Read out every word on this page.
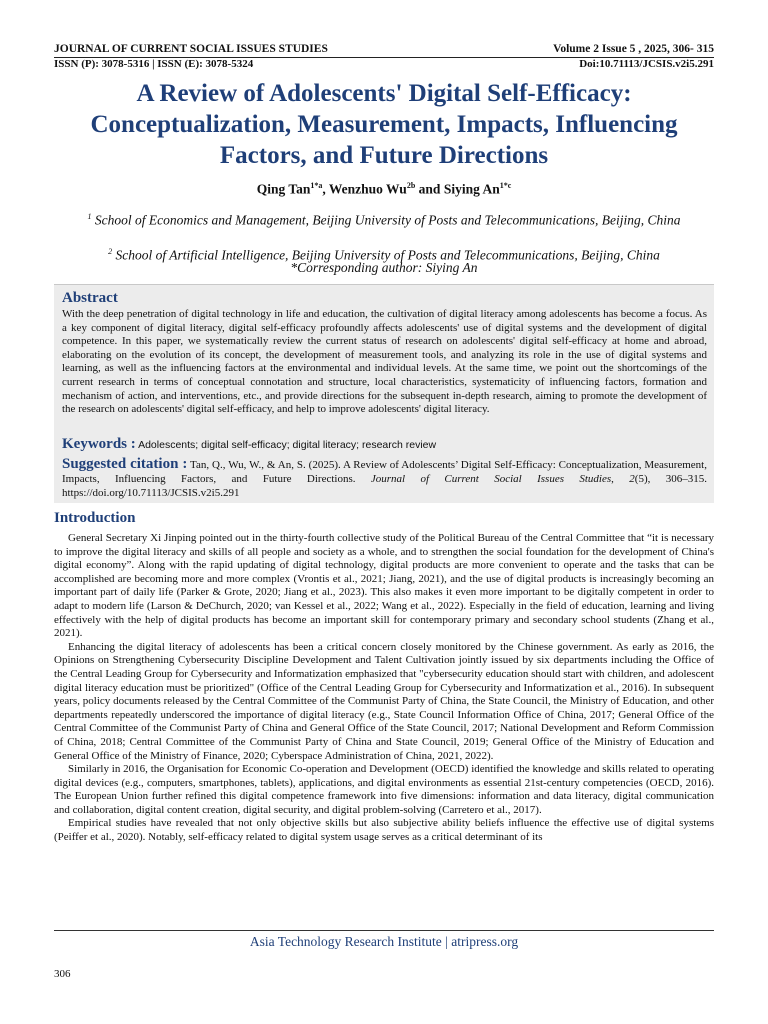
JOURNAL OF CURRENT SOCIAL ISSUES STUDIES	Volume 2 Issue 5 , 2025, 306- 315
ISSN (P): 3078-5316 | ISSN (E): 3078-5324	Doi:10.71113/JCSIS.v2i5.291
A Review of Adolescents' Digital Self-Efficacy: Conceptualization, Measurement, Impacts, Influencing Factors, and Future Directions
Qing Tan$^{1*a}$, Wenzhuo $Wu^{2b}$ and Siying $An^{1*c}$
$^1$ School of Economics and Management, Beijing University of Posts and Telecommunications, Beijing, China
$^2$ School of Artificial Intelligence, Beijing University of Posts and Telecommunications, Beijing, China
*Corresponding author: Siying An
Abstract
With the deep penetration of digital technology in life and education, the cultivation of digital literacy among adolescents has become a focus. As a key component of digital literacy, digital self-efficacy profoundly affects adolescents' use of digital systems and the development of digital competence. In this paper, we systematically review the current status of research on adolescents' digital self-efficacy at home and abroad, elaborating on the evolution of its concept, the development of measurement tools, and analyzing its role in the use of digital systems and learning, as well as the influencing factors at the environmental and individual levels. At the same time, we point out the shortcomings of the current research in terms of conceptual connotation and structure, local characteristics, systematicity of influencing factors, formation and mechanism of action, and interventions, etc., and provide directions for the subsequent in-depth research, aiming to promote the development of the research on adolescents' digital self-efficacy, and help to improve adolescents' digital literacy.
Keywords : Adolescents; digital self-efficacy; digital literacy; research review
Suggested citation : Tan, Q., Wu, W., & An, S. (2025). A Review of Adolescents’ Digital Self-Efficacy: Conceptualization, Measurement, Impacts, Influencing Factors, and Future Directions. Journal of Current Social Issues Studies, 2(5), 306–315. https://doi.org/10.71113/JCSIS.v2i5.291
Introduction

General Secretary Xi Jinping pointed out in the thirty-fourth collective study of the Political Bureau of the Central Committee that “it is necessary to improve the digital literacy and skills of all people and society as a whole, and to strengthen the social foundation for the development of China's digital economy”. Along with the rapid updating of digital technology, digital products are more convenient to operate and the tasks that can be accomplished are becoming more and more complex (Vrontis et al., 2021; Jiang, 2021), and the use of digital products is increasingly becoming an important part of daily life (Parker & Grote, 2020; Jiang et al., 2023). This also makes it even more important to be digitally competent in order to adapt to modern life (Larson & DeChurch, 2020; van Kessel et al., 2022; Wang et al., 2022). Especially in the field of education, learning and living effectively with the help of digital products has become an important skill for contemporary primary and secondary school students (Zhang et al., 2021).

Enhancing the digital literacy of adolescents has been a critical concern closely monitored by the Chinese government. As early as 2016, the Opinions on Strengthening Cybersecurity Discipline Development and Talent Cultivation jointly issued by six departments including the Office of the Central Leading Group for Cybersecurity and Informatization emphasized that "cybersecurity education should start with children, and adolescent digital literacy education must be prioritized" (Office of the Central Leading Group for Cybersecurity and Informatization et al., 2016). In subsequent years, policy documents released by the Central Committee of the Communist Party of China, the State Council, the Ministry of Education, and other departments repeatedly underscored the importance of digital literacy (e.g., State Council Information Office of China, 2017; General Office of the Central Committee of the Communist Party of China and General Office of the State Council, 2017; National Development and Reform Commission of China, 2018; Central Committee of the Communist Party of China and State Council, 2019; General Office of the Ministry of Education and General Office of the Ministry of Finance, 2020; Cyberspace Administration of China, 2021, 2022).

Similarly in 2016, the Organisation for Economic Co-operation and Development (OECD) identified the knowledge and skills related to operating digital devices (e.g., computers, smartphones, tablets), applications, and digital environments as essential 21st-century competencies (OECD, 2016). The European Union further refined this digital competence framework into five dimensions: information and data literacy, digital communication and collaboration, digital content creation, digital security, and digital problem-solving (Carretero et al., 2017).

Empirical studies have revealed that not only objective skills but also subjective ability beliefs influence the effective use of digital systems (Peiffer et al., 2020). Notably, self-efficacy related to digital system usage serves as a critical determinant of its

Asia Technology Research Institute | atripress.org
306
